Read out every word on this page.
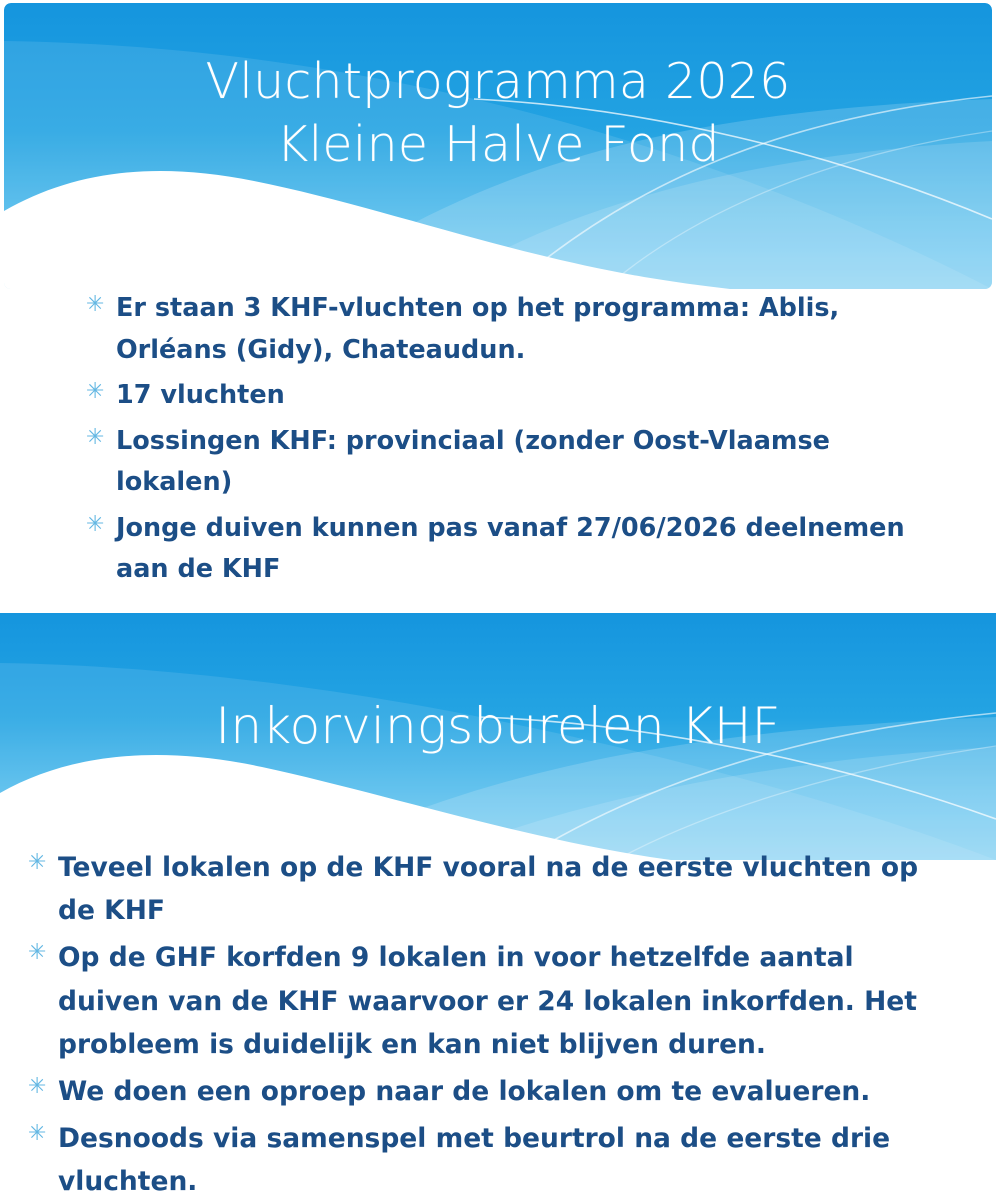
Vluchtprogramma 2026
Kleine Halve Fond
✳ Er staan 3 KHF-vluchten op het programma: Ablis, Orléans (Gidy), Chateaudun.
✳ 17 vluchten
✳ Lossingen KHF: provinciaal (zonder Oost-Vlaamse lokalen)
✳ Jonge duiven kunnen pas vanaf 27/06/2026 deelnemen aan de KHF
Inkorvingsburelen KHF
✳ Teveel lokalen op de KHF vooral na de eerste vluchten op de KHF
✳ Op de GHF korfden 9 lokalen in voor hetzelfde aantal duiven van de KHF waarvoor er 24 lokalen inkorfden. Het probleem is duidelijk en kan niet blijven duren.
✳ We doen een oproep naar de lokalen om te evalueren.
✳ Desnoods via samenspel met beurtrol na de eerste drie vluchten.
